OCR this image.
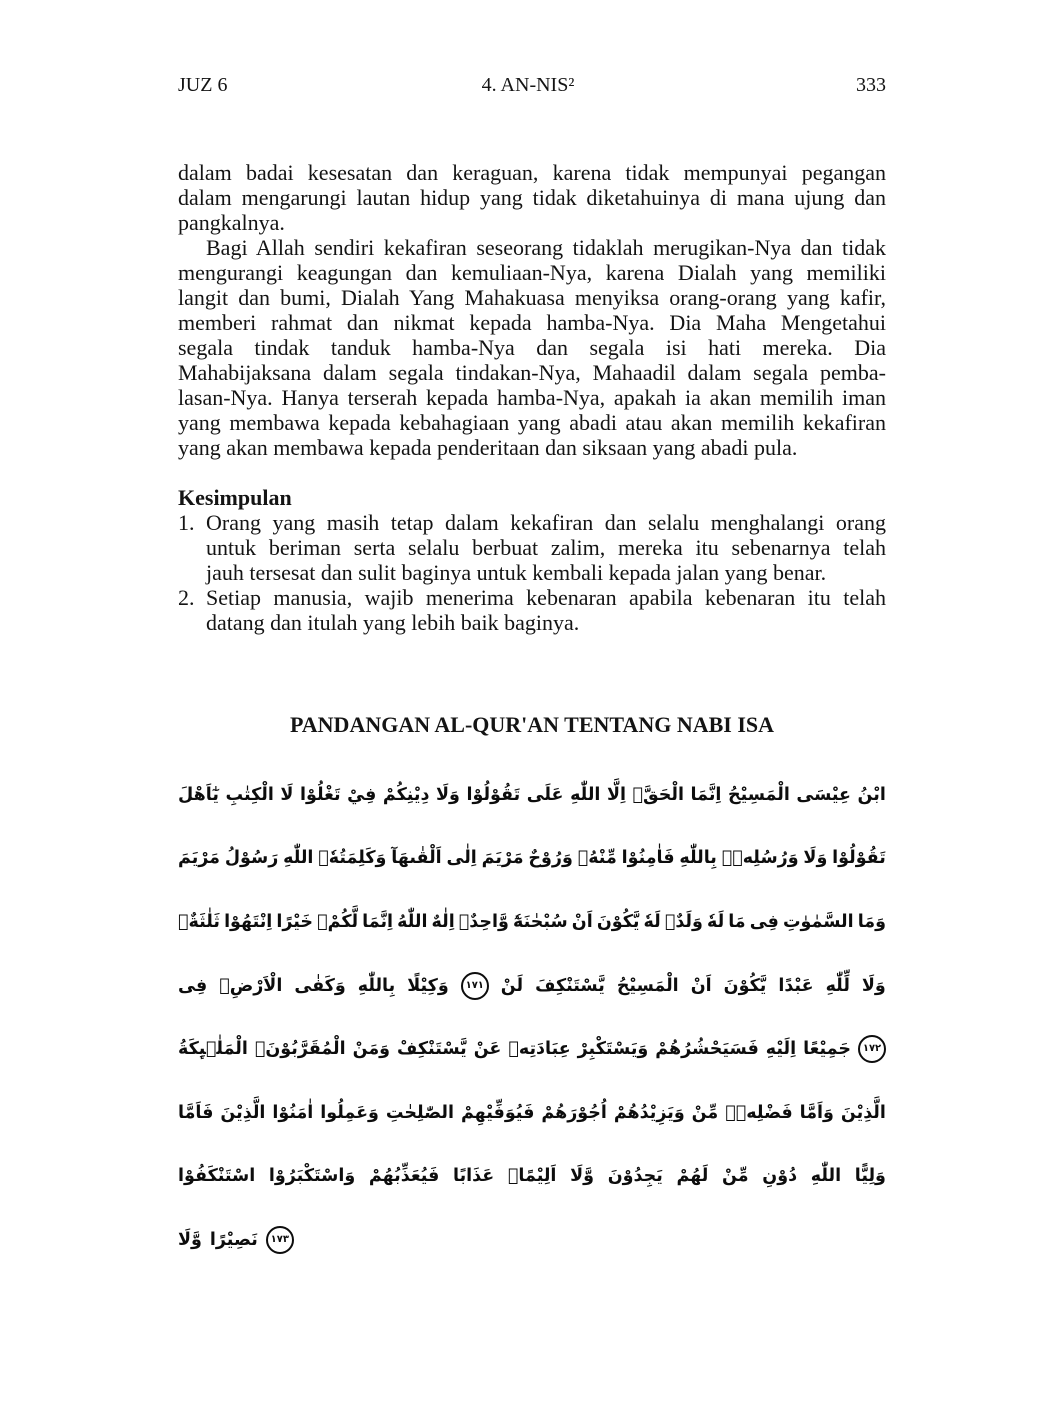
JUZ 6	4. AN-NIS²	333
dalam badai kesesatan dan keraguan, karena tidak mempunyai pegangan
dalam mengarungi lautan hidup yang tidak diketahuinya di mana ujung dan
pangkalnya.
Bagi Allah sendiri kekafiran seseorang tidaklah merugikan-Nya dan tidak
mengurangi keagungan dan kemuliaan-Nya, karena Dialah yang memiliki
langit dan bumi, Dialah Yang Mahakuasa menyiksa orang-orang yang kafir,
memberi rahmat dan nikmat kepada hamba-Nya. Dia Maha Mengetahui
segala tindak tanduk hamba-Nya dan segala isi hati mereka. Dia
Mahabijaksana dalam segala tindakan-Nya, Mahaadil dalam segala pemba-
lasan-Nya. Hanya terserah kepada hamba-Nya, apakah ia akan memilih iman
yang membawa kepada kebahagiaan yang abadi atau akan memilih kekafiran
yang akan membawa kepada penderitaan dan siksaan yang abadi pula.
Kesimpulan
1. Orang yang masih tetap dalam kekafiran dan selalu menghalangi orang
untuk beriman serta selalu berbuat zalim, mereka itu sebenarnya telah
jauh tersesat dan sulit baginya untuk kembali kepada jalan yang benar.
2. Setiap manusia, wajib menerima kebenaran apabila kebenaran itu telah
datang dan itulah yang lebih baik baginya.
PANDANGAN AL-QUR'AN TENTANG NABI ISA
يٰٓاَهْلَ الْكِتٰبِ لَا تَغْلُوْا فِيْ دِيْنِكُمْ وَلَا تَقُوْلُوْا عَلَى اللّٰهِ اِلَّا الْحَقَّۗ اِنَّمَا الْمَسِيْحُ عِيْسَى ابْنُ
مَرْيَمَ رَسُوْلُ اللّٰهِ وَكَلِمَتُهٗۚ اَلْقٰىهَآ اِلٰى مَرْيَمَ وَرُوْحٌ مِّنْهُۖ فَاٰمِنُوْا بِاللّٰهِ وَرُسُلِهٖۗ وَلَا تَقُوْلُوْا
ثَلٰثَةٌۗ اِنْتَهُوْا خَيْرًا لَّكُمْۗ اِنَّمَا اللّٰهُ اِلٰهٌ وَّاحِدٌۗ سُبْحٰنَهٗٓ اَنْ يَّكُوْنَ لَهٗ وَلَدٌۘ لَهٗ مَا فِى السَّمٰوٰتِ وَمَا
فِى الْاَرْضِۗ وَكَفٰى بِاللّٰهِ وَكِيْلًا	١٧١ لَنْ يَّسْتَنْكِفَ الْمَسِيْحُ اَنْ يَّكُوْنَ عَبْدًا لِّلّٰهِ وَلَا
الْمَلٰۤىِٕكَةُ الْمُقَرَّبُوْنَۗ وَمَنْ يَّسْتَنْكِفْ عَنْ عِبَادَتِهٖ وَيَسْتَكْبِرْ فَسَيَحْشُرُهُمْ اِلَيْهِ جَمِيْعًا	١٧٢
فَاَمَّا الَّذِيْنَ اٰمَنُوْا وَعَمِلُوا الصّٰلِحٰتِ فَيُوَفِّيْهِمْ اُجُوْرَهُمْ وَيَزِيْدُهُمْ مِّنْ فَضْلِهٖۚ وَاَمَّا الَّذِيْنَ
اسْتَنْكَفُوْا وَاسْتَكْبَرُوْا فَيُعَذِّبُهُمْ عَذَابًا اَلِيْمًاۙ وَّلَا يَجِدُوْنَ لَهُمْ مِّنْ دُوْنِ اللّٰهِ وَلِيًّا
وَّلَا نَصِيْرًا	١٧٣
